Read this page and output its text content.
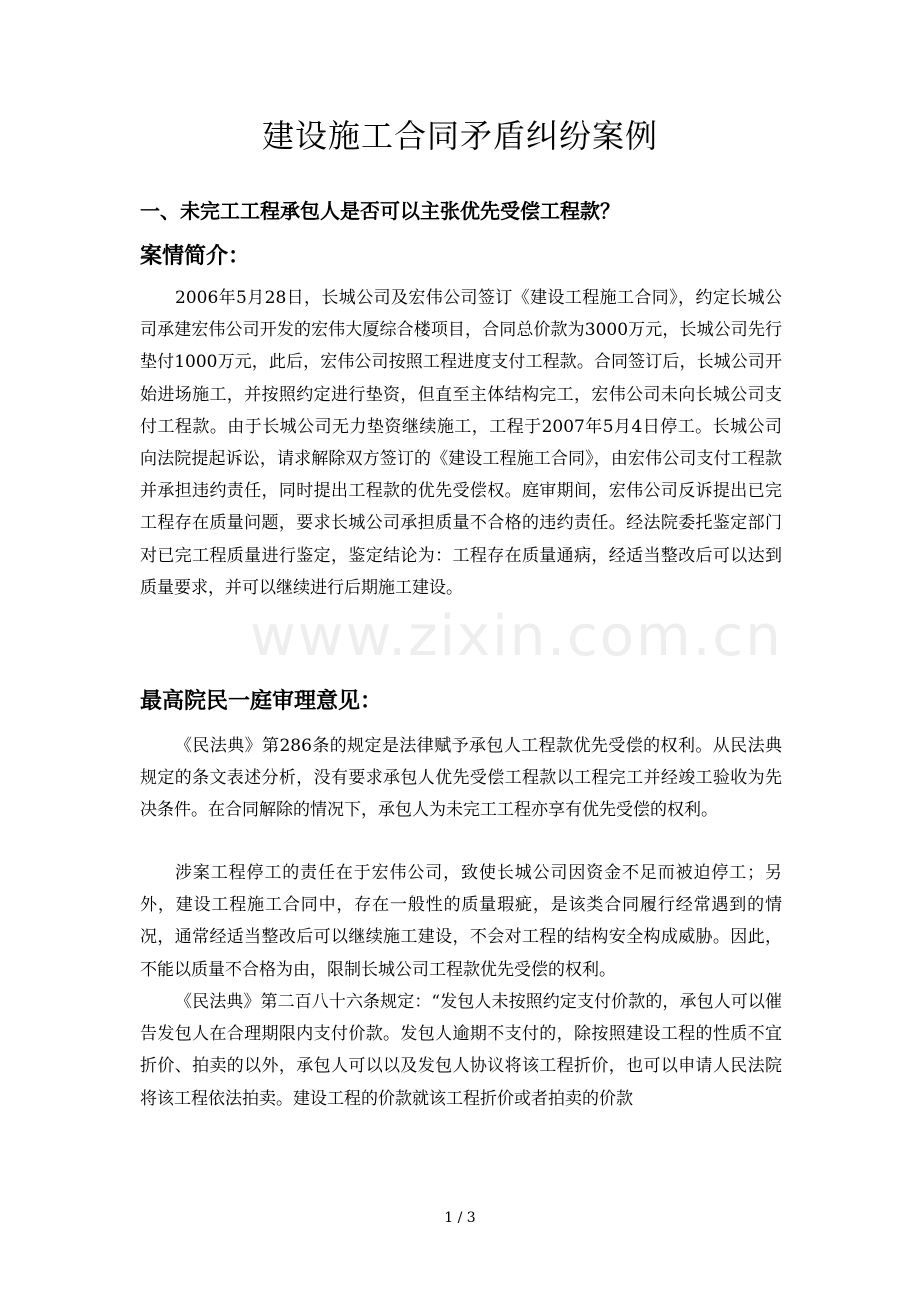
建设施工合同矛盾纠纷案例
一、未完工工程承包人是否可以主张优先受偿工程款？
案情简介：

2006年5月28日，长城公司及宏伟公司签订《建设工程施工合同》，约定长城公司承建宏伟公司开发的宏伟大厦综合楼项目，合同总价款为3000万元，长城公司先行垫付1000万元，此后，宏伟公司按照工程进度支付工程款。合同签订后，长城公司开始进场施工，并按照约定进行垫资，但直至主体结构完工，宏伟公司未向长城公司支付工程款。由于长城公司无力垫资继续施工，工程于2007年5月4日停工。长城公司向法院提起诉讼，请求解除双方签订的《建设工程施工合同》，由宏伟公司支付工程款并承担违约责任，同时提出工程款的优先受偿权。庭审期间，宏伟公司反诉提出已完工程存在质量问题，要求长城公司承担质量不合格的违约责任。经法院委托鉴定部门对已完工程质量进行鉴定，鉴定结论为：工程存在质量通病，经适当整改后可以达到质量要求，并可以继续进行后期施工建设。

www.zixin.com.cn
最高院民一庭审理意见：

《民法典》第286条的规定是法律赋予承包人工程款优先受偿的权利。从民法典规定的条文表述分析，没有要求承包人优先受偿工程款以工程完工并经竣工验收为先决条件。在合同解除的情况下，承包人为未完工工程亦享有优先受偿的权利。

涉案工程停工的责任在于宏伟公司，致使长城公司因资金不足而被迫停工；另外，建设工程施工合同中，存在一般性的质量瑕疵，是该类合同履行经常遇到的情况，通常经适当整改后可以继续施工建设，不会对工程的结构安全构成威胁。因此，不能以质量不合格为由，限制长城公司工程款优先受偿的权利。

《民法典》第二百八十六条规定：“发包人未按照约定支付价款的，承包人可以催告发包人在合理期限内支付价款。发包人逾期不支付的，除按照建设工程的性质不宜折价、拍卖的以外，承包人可以以及发包人协议将该工程折价，也可以申请人民法院将该工程依法拍卖。建设工程的价款就该工程折价或者拍卖的价款

1 / 3
